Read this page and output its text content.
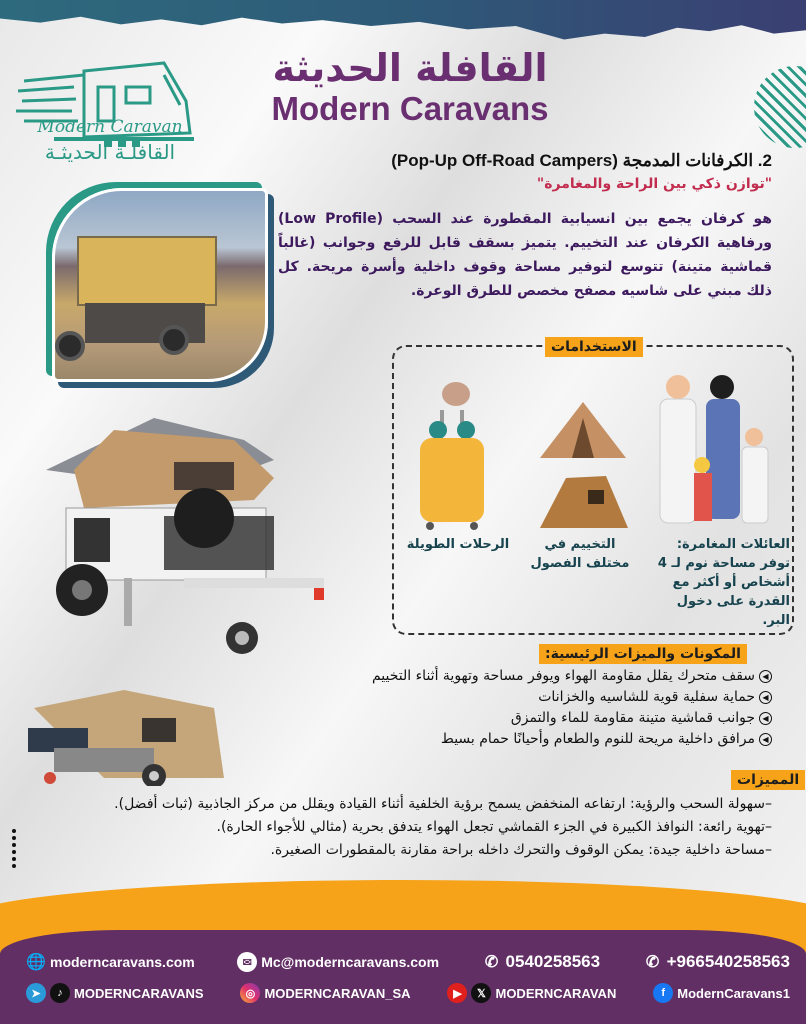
Modern Caravan
القافلـة الحديثـة
القافلة الحديثة
Modern Caravans
2. الكرفانات المدمجة (Pop-Up Off-Road Campers)
"توازن ذكي بين الراحة والمغامرة"
هو كرفان يجمع بين انسيابية المقطورة عند السحب (Low Profile) ورفاهية الكرفان عند التخييم. يتميز بسقف قابل للرفع وجوانب (غالباً قماشية متينة) تتوسع لتوفير مساحة وقوف داخلية وأسرة مريحة. كل ذلك مبني على شاسيه مصفح مخصص للطرق الوعرة.
الاستخدامات
العائلات المغامرة: توفر مساحة نوم لـ 4 أشخاص أو أكثر مع القدرة على دخول البر.
التخييم في مختلف الفصول
الرحلات الطويلة
المكونات والميزات الرئيسية:
◀
سقف متحرك يقلل مقاومة الهواء ويوفر مساحة وتهوية أثناء التخييم
◀
حماية سفلية قوية للشاسيه والخزانات
◀
جوانب قماشية متينة مقاومة للماء والتمزق
◀
مرافق داخلية مريحة للنوم والطعام وأحيانًا حمام بسيط
المميزات

–سهولة السحب والرؤية: ارتفاعه المنخفض يسمح برؤية الخلفية أثناء القيادة ويقلل من مركز الجاذبية (ثبات أفضل).

–تهوية رائعة: النوافذ الكبيرة في الجزء القماشي تجعل الهواء يتدفق بحرية (مثالي للأجواء الحارة).

–مساحة داخلية جيدة: يمكن الوقوف والتحرك داخله براحة مقارنة بالمقطورات الصغيرة.

🌐 moderncaravans.com	✉ Mc@moderncaravans.com	✆ 0540258563	✆ +966540258563
➤	♪ MODERNCARAVANS	◎ MODERNCARAVAN_SA	▶	𝕏 MODERNCARAVAN	f ModernCaravans1
